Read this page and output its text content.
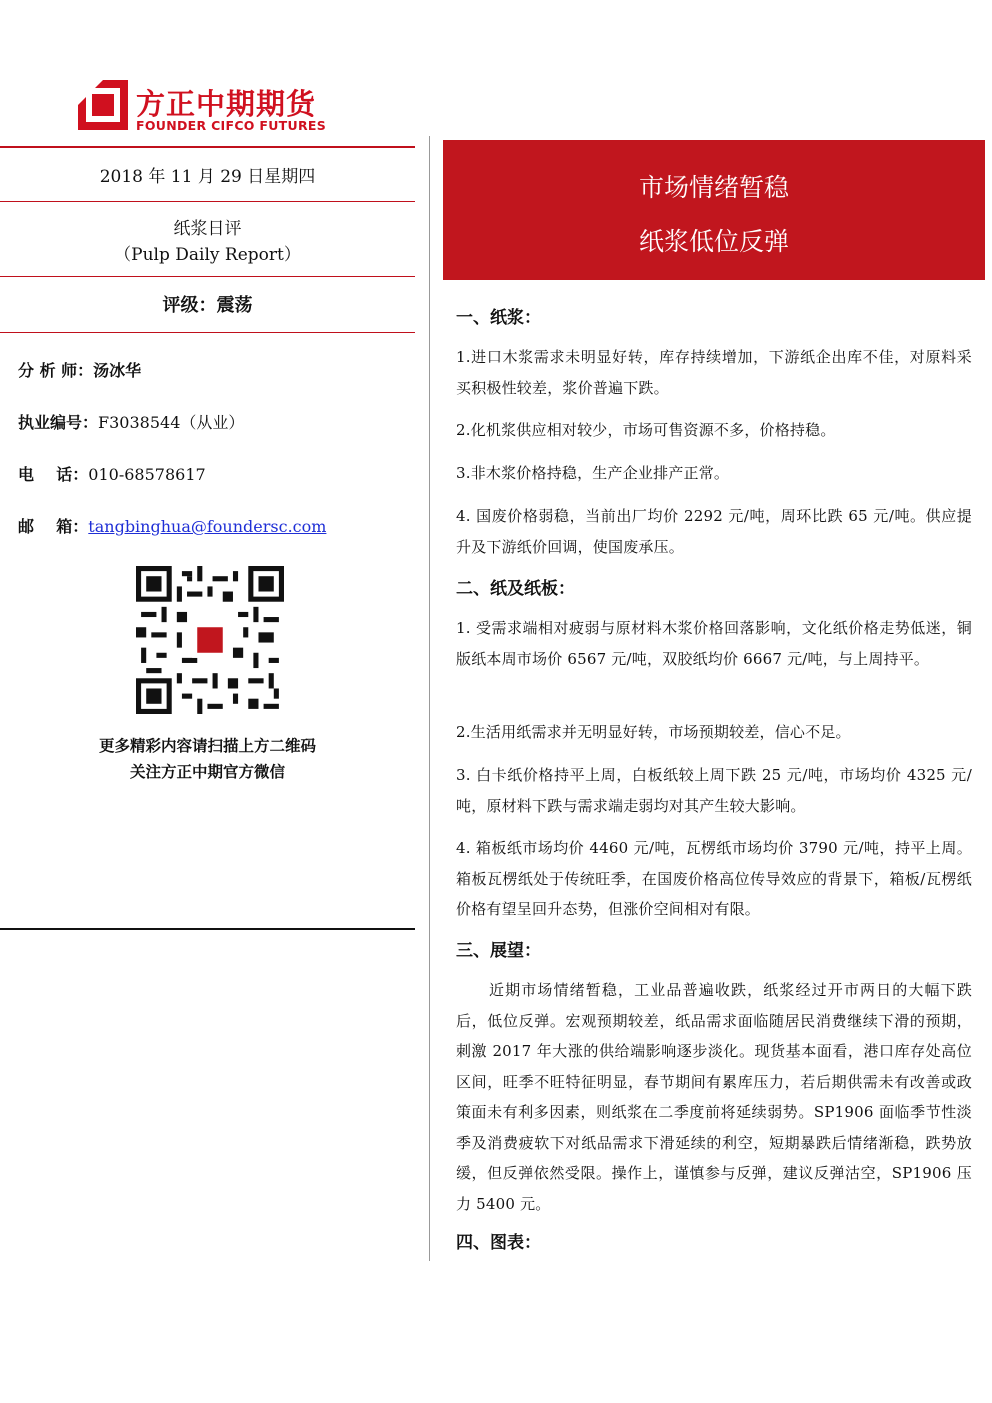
方正中期期货
FOUNDER CIFCO FUTURES
2018 年 11 月 29 日星期四
纸浆日评
（Pulp Daily Report）
评级：震荡
分 析 师：汤冰华
执业编号：F3038544（从业）
电    话：010-68578617
邮    箱：tangbinghua@foundersc.com
更多精彩内容请扫描上方二维码
关注方正中期官方微信
市场情绪暂稳
纸浆低位反弹
一、纸浆：
1.进口木浆需求未明显好转，库存持续增加，下游纸企出库不佳，对原料采买积极性较差，浆价普遍下跌。
2.化机浆供应相对较少，市场可售资源不多，价格持稳。
3.非木浆价格持稳，生产企业排产正常。
4. 国废价格弱稳，当前出厂均价 2292 元/吨，周环比跌 65 元/吨。供应提升及下游纸价回调，使国废承压。
二、纸及纸板：
1. 受需求端相对疲弱与原材料木浆价格回落影响，文化纸价格走势低迷，铜版纸本周市场价 6567 元/吨，双胶纸均价 6667 元/吨，与上周持平。
2.生活用纸需求并无明显好转，市场预期较差，信心不足。
3. 白卡纸价格持平上周，白板纸较上周下跌 25 元/吨，市场均价 4325 元/吨，原材料下跌与需求端走弱均对其产生较大影响。
4. 箱板纸市场均价 4460 元/吨，瓦楞纸市场均价 3790 元/吨，持平上周。箱板瓦楞纸处于传统旺季，在国废价格高位传导效应的背景下，箱板/瓦楞纸价格有望呈回升态势，但涨价空间相对有限。
三、展望：
近期市场情绪暂稳，工业品普遍收跌，纸浆经过开市两日的大幅下跌后，低位反弹。宏观预期较差，纸品需求面临随居民消费继续下滑的预期，刺激 2017 年大涨的供给端影响逐步淡化。现货基本面看，港口库存处高位区间，旺季不旺特征明显，春节期间有累库压力，若后期供需未有改善或政策面未有利多因素，则纸浆在二季度前将延续弱势。SP1906 面临季节性淡季及消费疲软下对纸品需求下滑延续的利空，短期暴跌后情绪渐稳，跌势放缓，但反弹依然受限。操作上，谨慎参与反弹，建议反弹沽空，SP1906 压力 5400 元。
四、图表：
